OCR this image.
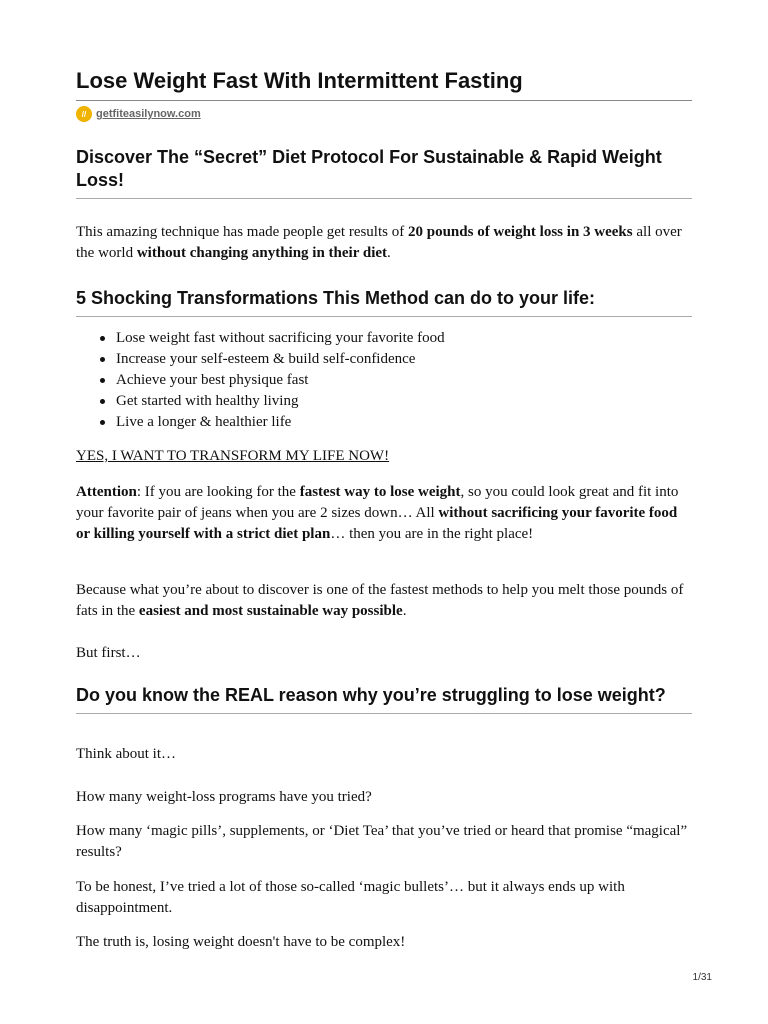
Lose Weight Fast With Intermittent Fasting
// getfiteasilynow.com
Discover The “Secret” Diet Protocol For Sustainable & Rapid Weight Loss!

This amazing technique has made people get results of 20 pounds of weight loss in 3 weeks all over the world without changing anything in their diet.

5 Shocking Transformations This Method can do to your life:
Lose weight fast without sacrificing your favorite food
Increase your self-esteem & build self-confidence
Achieve your best physique fast
Get started with healthy living
Live a longer & healthier life

YES, I WANT TO TRANSFORM MY LIFE NOW!

Attention: If you are looking for the fastest way to lose weight, so you could look great and fit into your favorite pair of jeans when you are 2 sizes down… All without sacrificing your favorite food or killing yourself with a strict diet plan… then you are in the right place!

Because what you’re about to discover is one of the fastest methods to help you melt those pounds of fats in the easiest and most sustainable way possible.

But first…

Do you know the REAL reason why you’re struggling to lose weight?

Think about it…

How many weight-loss programs have you tried?

How many ‘magic pills’, supplements, or ‘Diet Tea’ that you’ve tried or heard that promise “magical” results?

To be honest, I’ve tried a lot of those so-called ‘magic bullets’… but it always ends up with disappointment.

The truth is, losing weight doesn't have to be complex!

1/31
